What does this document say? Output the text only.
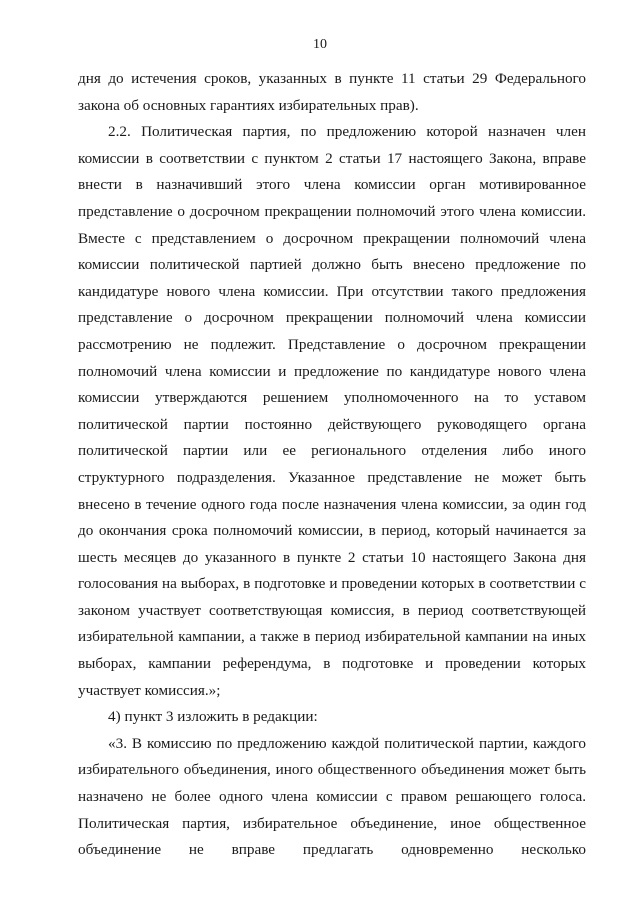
10

дня до истечения сроков, указанных в пункте 11 статьи 29 Федерального закона об основных гарантиях избирательных прав).

2.2. Политическая партия, по предложению которой назначен член комиссии в соответствии с пунктом 2 статьи 17 настоящего Закона, вправе внести в назначивший этого члена комиссии орган мотивированное представление о досрочном прекращении полномочий этого члена комиссии. Вместе с представлением о досрочном прекращении полномочий члена комиссии политической партией должно быть внесено предложение по кандидатуре нового члена комиссии. При отсутствии такого предложения представление о досрочном прекращении полномочий члена комиссии рассмотрению не подлежит. Представление о досрочном прекращении полномочий члена комиссии и предложение по кандидатуре нового члена комиссии утверждаются решением уполномоченного на то уставом политической партии постоянно действующего руководящего органа политической партии или ее регионального отделения либо иного структурного подразделения. Указанное представление не может быть внесено в течение одного года после назначения члена комиссии, за один год до окончания срока полномочий комиссии, в период, который начинается за шесть месяцев до указанного в пункте 2 статьи 10 настоящего Закона дня голосования на выборах, в подготовке и проведении которых в соответствии с законом участвует соответствующая комиссия, в период соответствующей избирательной кампании, а также в период избирательной кампании на иных выборах, кампании референдума, в подготовке и проведении которых участвует комиссия.»;

4) пункт 3 изложить в редакции:

«3. В комиссию по предложению каждой политической партии, каждого избирательного объединения, иного общественного объединения может быть назначено не более одного члена комиссии с правом решающего голоса. Политическая партия, избирательное объединение, иное общественное объединение не вправе предлагать одновременно несколько
